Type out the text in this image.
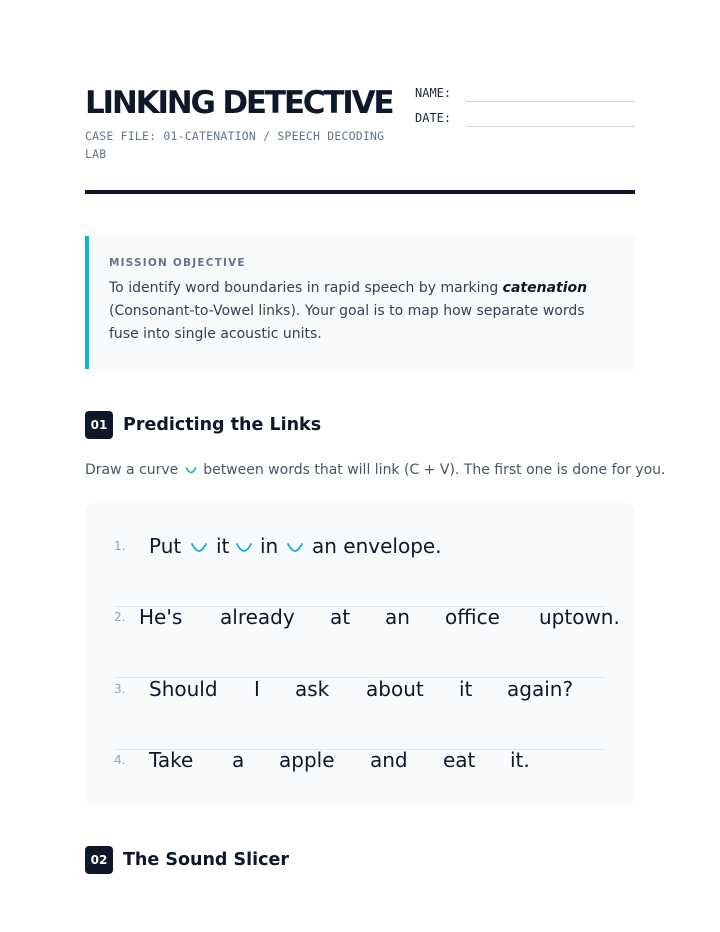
LINKING DETECTIVE
CASE FILE: 01-CATENATION / SPEECH DECODING LAB
NAME:
DATE:
MISSION OBJECTIVE
To identify word boundaries in rapid speech by marking catenation (Consonant-to-Vowel links). Your goal is to map how separate words fuse into single acoustic units.
01 Predicting the Links
Draw a curve between words that will link (C + V). The first one is done for you.
1. Put it in an envelope.
2. He's already at an office uptown.
3. Should I ask about it again?
4. Take a apple and eat it.
02 The Sound Slicer
